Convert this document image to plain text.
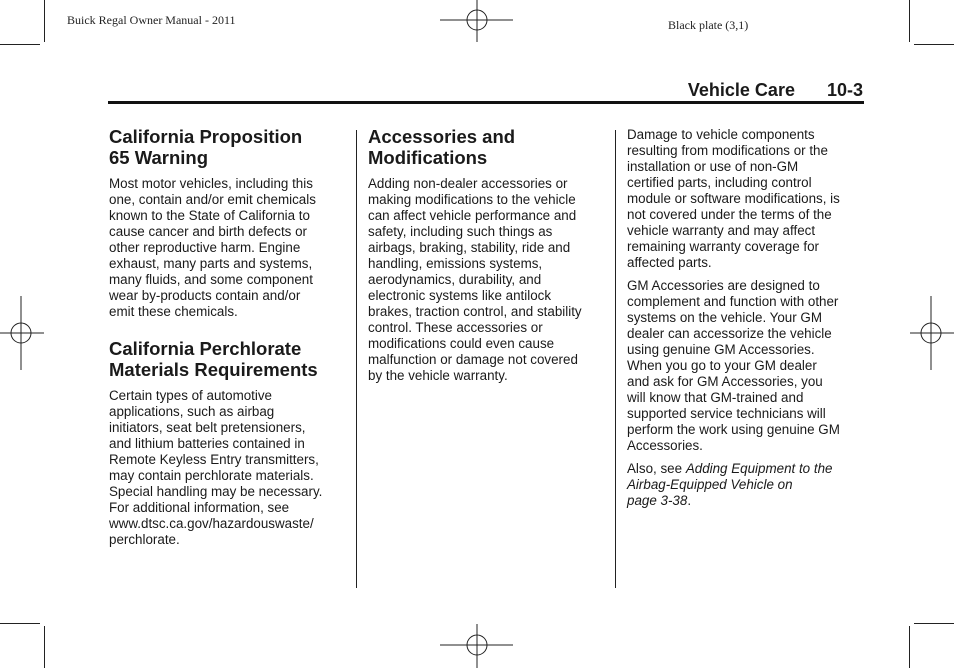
Buick Regal Owner Manual - 2011	Black plate (3,1)
Vehicle Care 10-3
California Proposition
65 Warning

Most motor vehicles, including this
one, contain and/or emit chemicals
known to the State of California to
cause cancer and birth defects or
other reproductive harm. Engine
exhaust, many parts and systems,
many fluids, and some component
wear by-products contain and/or
emit these chemicals.

California Perchlorate
Materials Requirements

Certain types of automotive
applications, such as airbag
initiators, seat belt pretensioners,
and lithium batteries contained in
Remote Keyless Entry transmitters,
may contain perchlorate materials.
Special handling may be necessary.
For additional information, see
www.dtsc.ca.gov/hazardouswaste/
perchlorate.

Accessories and
Modifications

Adding non-dealer accessories or
making modifications to the vehicle
can affect vehicle performance and
safety, including such things as
airbags, braking, stability, ride and
handling, emissions systems,
aerodynamics, durability, and
electronic systems like antilock
brakes, traction control, and stability
control. These accessories or
modifications could even cause
malfunction or damage not covered
by the vehicle warranty.

Damage to vehicle components
resulting from modifications or the
installation or use of non-GM
certified parts, including control
module or software modifications, is
not covered under the terms of the
vehicle warranty and may affect
remaining warranty coverage for
affected parts.

GM Accessories are designed to
complement and function with other
systems on the vehicle. Your GM
dealer can accessorize the vehicle
using genuine GM Accessories.
When you go to your GM dealer
and ask for GM Accessories, you
will know that GM-trained and
supported service technicians will
perform the work using genuine GM
Accessories.

Also, see Adding Equipment to the
Airbag-Equipped Vehicle on
page 3-38.
